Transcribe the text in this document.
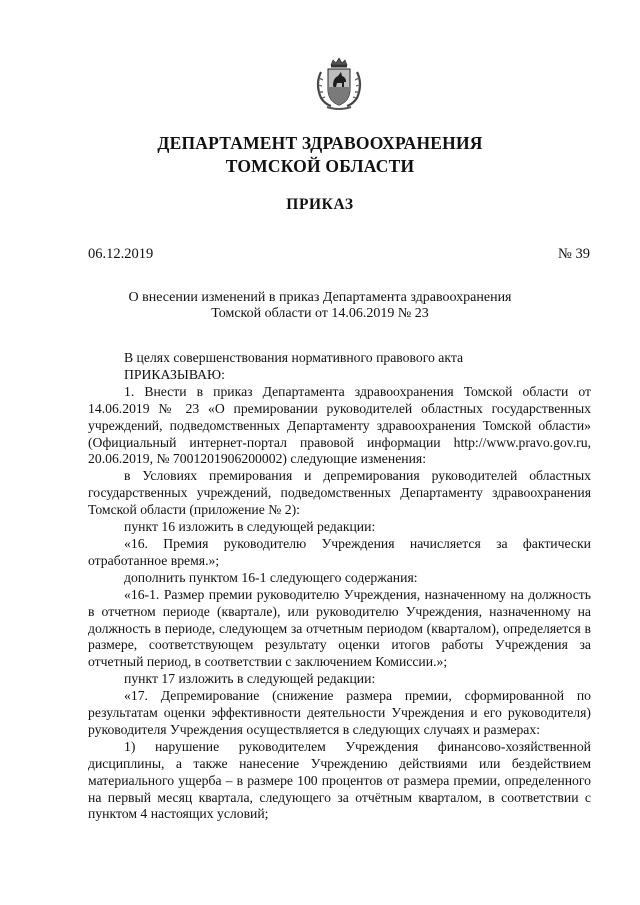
ДЕПАРТАМЕНТ ЗДРАВООХРАНЕНИЯ
ТОМСКОЙ ОБЛАСТИ
ПРИКАЗ
06.12.2019	№ 39
О внесении изменений в приказ Департамента здравоохранения
Томской области от 14.06.2019 № 23

В целях совершенствования нормативного правового акта

ПРИКАЗЫВАЮ:

1. Внести в приказ Департамента здравоохранения Томской области от 14.06.2019 № 23 «О премировании руководителей областных государственных учреждений, подведомственных Департаменту здравоохранения Томской области» (Официальный интернет-портал правовой информации http://www.pravo.gov.ru, 20.06.2019, № 7001201906200002) следующие изменения:

в Условиях премирования и депремирования руководителей областных государственных учреждений, подведомственных Департаменту здравоохранения Томской области (приложение № 2):

пункт 16 изложить в следующей редакции:

«16. Премия руководителю Учреждения начисляется за фактически отработанное время.»;

дополнить пунктом 16-1 следующего содержания:

«16-1. Размер премии руководителю Учреждения, назначенному на должность в отчетном периоде (квартале), или руководителю Учреждения, назначенному на должность в периоде, следующем за отчетным периодом (кварталом), определяется в размере, соответствующем результату оценки итогов работы Учреждения за отчетный период, в соответствии с заключением Комиссии.»;

пункт 17 изложить в следующей редакции:

«17. Депремирование (снижение размера премии, сформированной по результатам оценки эффективности деятельности Учреждения и его руководителя) руководителя Учреждения осуществляется в следующих случаях и размерах:

1) нарушение руководителем Учреждения финансово-хозяйственной дисциплины, а также нанесение Учреждению действиями или бездействием материального ущерба – в размере 100 процентов от размера премии, определенного на первый месяц квартала, следующего за отчётным кварталом, в соответствии с пунктом 4 настоящих условий;
